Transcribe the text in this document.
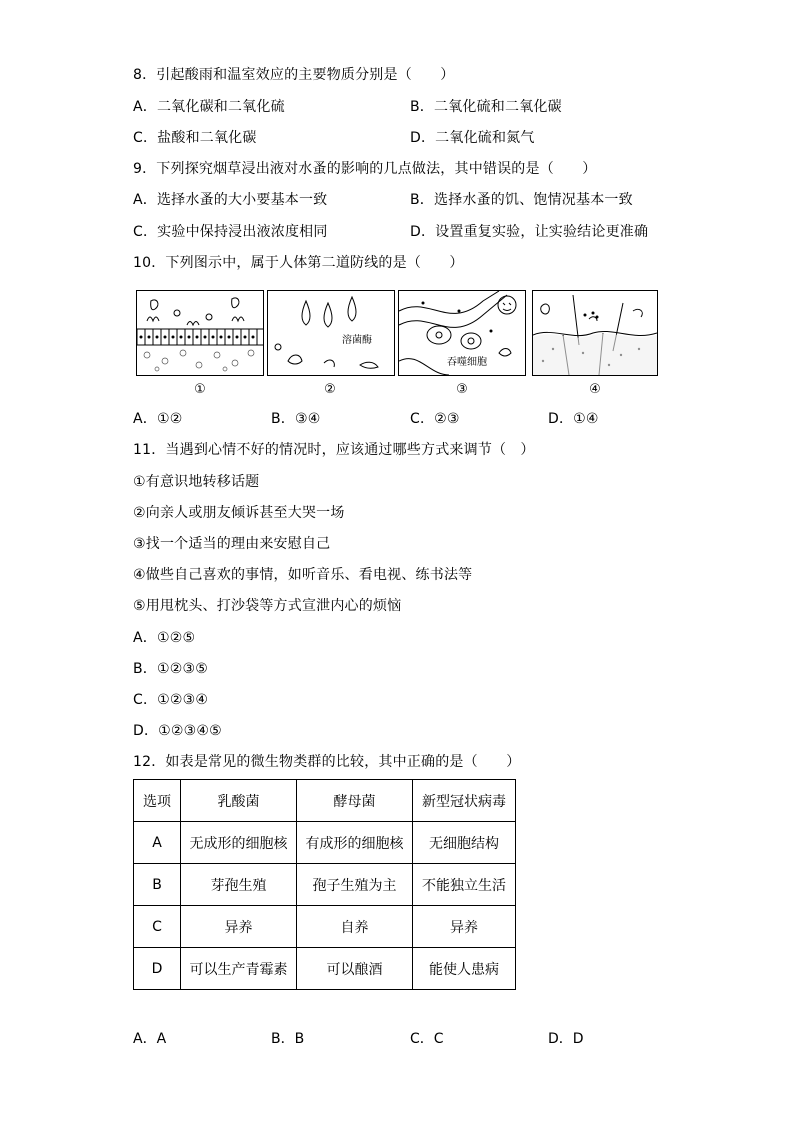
8．引起酸雨和温室效应的主要物质分别是（　　）
A．二氧化碳和二氧化硫	B．二氧化硫和二氧化碳
C．盐酸和二氧化碳	D．二氧化硫和氮气
9．下列探究烟草浸出液对水蚤的影响的几点做法，其中错误的是（　　）
A．选择水蚤的大小要基本一致	B．选择水蚤的饥、饱情况基本一致
C．实验中保持浸出液浓度相同	D．设置重复实验，让实验结论更准确
10．下列图示中，属于人体第二道防线的是（　　）
溶菌酶
吞噬细胞
①	②	③	④
A．①②	B．③④	C．②③	D．①④
11．当遇到心情不好的情况时，应该通过哪些方式来调节（　）
①有意识地转移话题
②向亲人或朋友倾诉甚至大哭一场
③找一个适当的理由来安慰自己
④做些自己喜欢的事情，如听音乐、看电视、练书法等
⑤用甩枕头、打沙袋等方式宣泄内心的烦恼
A．①②⑤
B．①②③⑤
C．①②③④
D．①②③④⑤
12．如表是常见的微生物类群的比较，其中正确的是（　　）
选项	乳酸菌	酵母菌	新型冠状病毒
A	无成形的细胞核	有成形的细胞核	无细胞结构
B	芽孢生殖	孢子生殖为主	不能独立生活
C	异养	自养	异养
D	可以生产青霉素	可以酿酒	能使人患病
A．A	B．B	C．C	D．D
